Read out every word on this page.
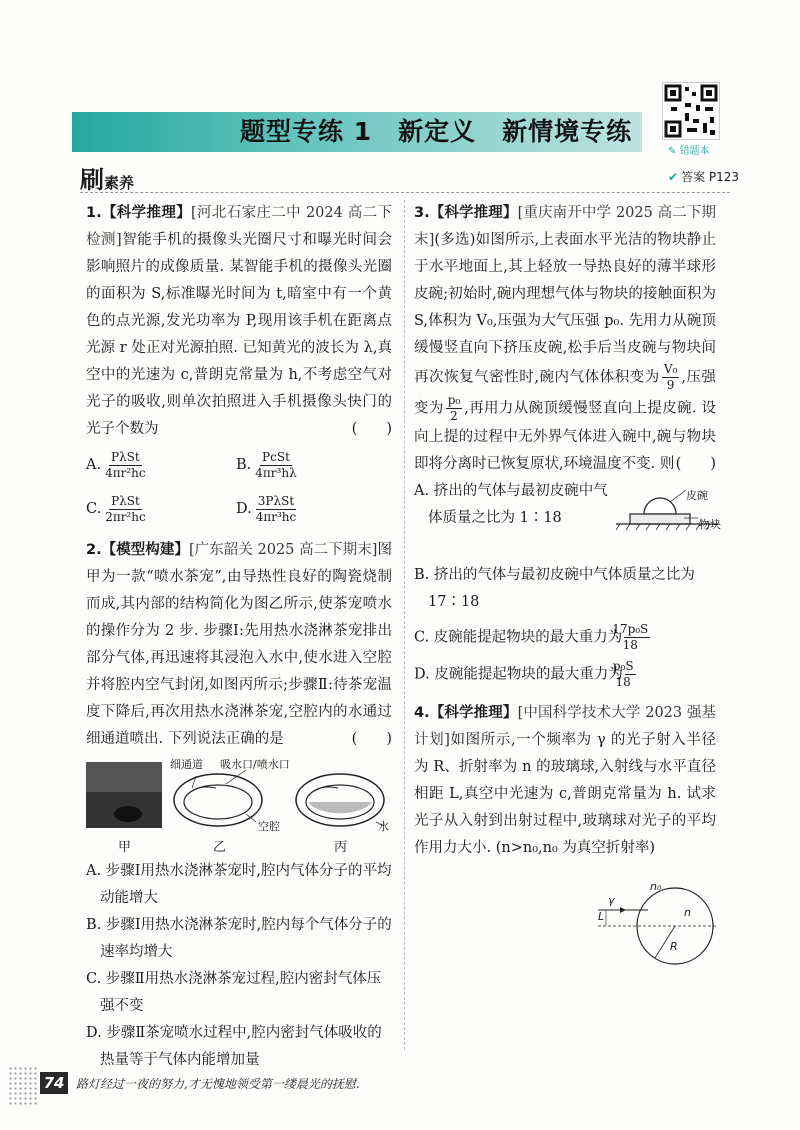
题型专练 1　新定义　新情境专练
✎ 错题本
刷素养	✔ 答案 P123

1.【科学推理】[河北石家庄二中 2024 高二下检测]智能手机的摄像头光圈尺寸和曝光时间会影响照片的成像质量. 某智能手机的摄像头光圈的面积为 S,标准曝光时间为 t,暗室中有一个黄色的点光源,发光功率为 P,现用该手机在距离点光源 r 处正对光源拍照. 已知黄光的波长为 λ,真空中的光速为 c,普朗克常量为 h,不考虑空气对光子的吸收,则单次拍照进入手机摄像头快门的光子个数为	(　　)

A. $\frac{\text{PλSt}}{\text{4πr²hc}}$	B. $\frac{\text{PcSt}}{\text{4πr³hλ}}$
C. $\frac{\text{PλSt}}{\text{2πr²hc}}$	D. $\frac{\text{3PλSt}}{\text{4πr³hc}}$

2.【模型构建】[广东韶关 2025 高二下期末]图甲为一款“喷水茶宠”,由导热性良好的陶瓷烧制而成,其内部的结构简化为图乙所示,使茶宠喷水的操作分为 2 步. 步骤Ⅰ:先用热水浇淋茶宠排出部分气体,再迅速将其浸泡入水中,使水进入空腔并将腔内空气封闭,如图丙所示;步骤Ⅱ:待茶宠温度下降后,再次用热水浇淋茶宠,空腔内的水通过细通道喷出. 下列说法正确的是	(　　)

细通道 吸水口/喷水口
空腔	水
甲	乙	丙

A. 步骤Ⅰ用热水浇淋茶宠时,腔内气体分子的平均动能增大

B. 步骤Ⅰ用热水浇淋茶宠时,腔内每个气体分子的速率均增大

C. 步骤Ⅱ用热水浇淋茶宠过程,腔内密封气体压强不变

D. 步骤Ⅱ茶宠喷水过程中,腔内密封气体吸收的热量等于气体内能增加量

3.【科学推理】[重庆南开中学 2025 高二下期末](多选)如图所示,上表面水平光洁的物块静止于水平地面上,其上轻放一导热良好的薄半球形皮碗;初始时,碗内理想气体与物块的接触面积为 S,体积为 V₀,压强为大气压强 p₀. 先用力从碗顶缓慢竖直向下挤压皮碗,松手后当皮碗与物块间再次恢复气密性时,碗内气体体积变为 $\frac{\text{V₀}}{9}$ ,压强变为 $\frac{\text{p₀}}{2}$ ,再用力从碗顶缓慢竖直向上提皮碗. 设向上提的过程中无外界气体进入碗中,碗与物块即将分离时已恢复原状,环境温度不变. 则 (　　)

A. 挤出的气体与最初皮碗中气体质量之比为 1∶18

皮碗
物块

B. 挤出的气体与最初皮碗中气体质量之比为 17∶18

C. 皮碗能提起物块的最大重力为 $\frac{\text{17p₀S}}{18}$

D. 皮碗能提起物块的最大重力为 $\frac{\text{p₀S}}{18}$

4.【科学推理】[中国科学技术大学 2023 强基计划]如图所示,一个频率为 γ 的光子射入半径为 R、折射率为 n 的玻璃球,入射线与水平直径相距 L,真空中光速为 c,普朗克常量为 h. 试求光子从入射到出射过程中,玻璃球对光子的平均作用力大小. (n>n₀,n₀ 为真空折射率)

γ
L
n₀
n
R
74 路灯经过一夜的努力,才无愧地领受第一缕晨光的抚慰.
